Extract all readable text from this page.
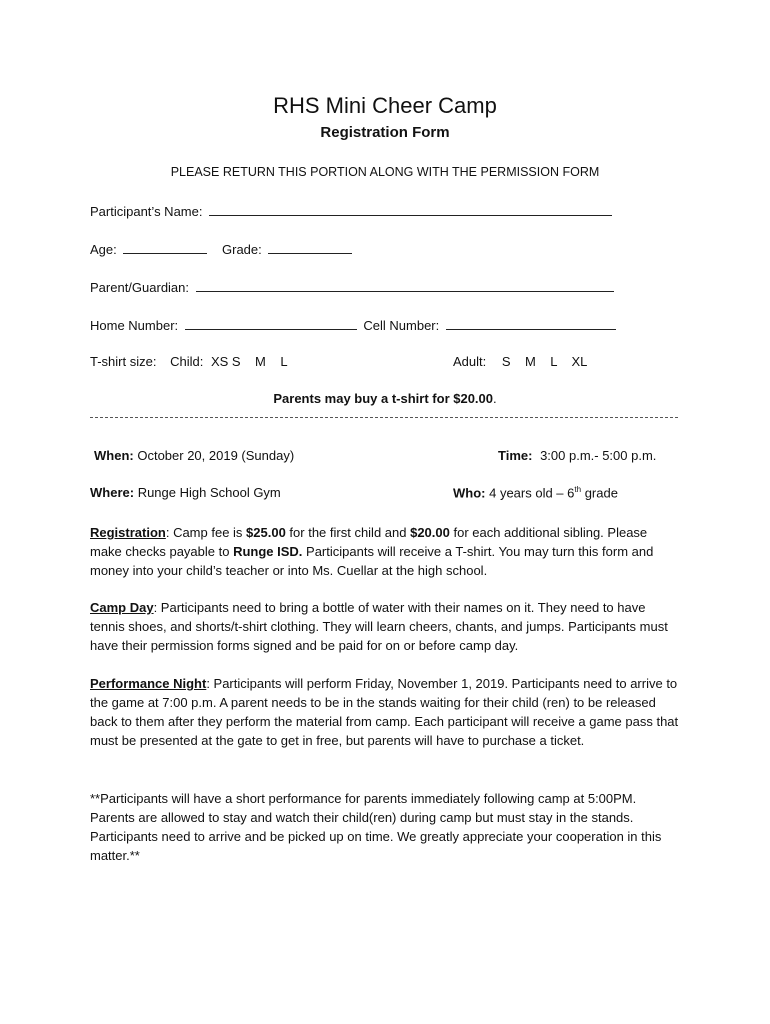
RHS Mini Cheer Camp
Registration Form
PLEASE RETURN THIS PORTION ALONG WITH THE PERMISSION FORM
Participant’s Name:
Age:	Grade:
Parent/Guardian:
Home Number:	Cell Number:
T-shirt size: Child: XS S    M    L	Adult: S    M    L    XL
Parents may buy a t-shirt for $20.00.
When: October 20, 2019 (Sunday)	Time: 3:00 p.m.- 5:00 p.m.
Where: Runge High School Gym	Who: 4 years old – 6th grade
Registration: Camp fee is $25.00 for the first child and $20.00 for each additional sibling. Please make checks payable to Runge ISD. Participants will receive a T-shirt. You may turn this form and money into your child’s teacher or into Ms. Cuellar at the high school.
Camp Day: Participants need to bring a bottle of water with their names on it. They need to have tennis shoes, and shorts/t-shirt clothing. They will learn cheers, chants, and jumps. Participants must have their permission forms signed and be paid for on or before camp day.
Performance Night: Participants will perform Friday, November 1, 2019. Participants need to arrive to the game at 7:00 p.m. A parent needs to be in the stands waiting for their child (ren) to be released back to them after they perform the material from camp. Each participant will receive a game pass that must be presented at the gate to get in free, but parents will have to purchase a ticket.
**Participants will have a short performance for parents immediately following camp at 5:00PM. Parents are allowed to stay and watch their child(ren) during camp but must stay in the stands. Participants need to arrive and be picked up on time. We greatly appreciate your cooperation in this matter.**
